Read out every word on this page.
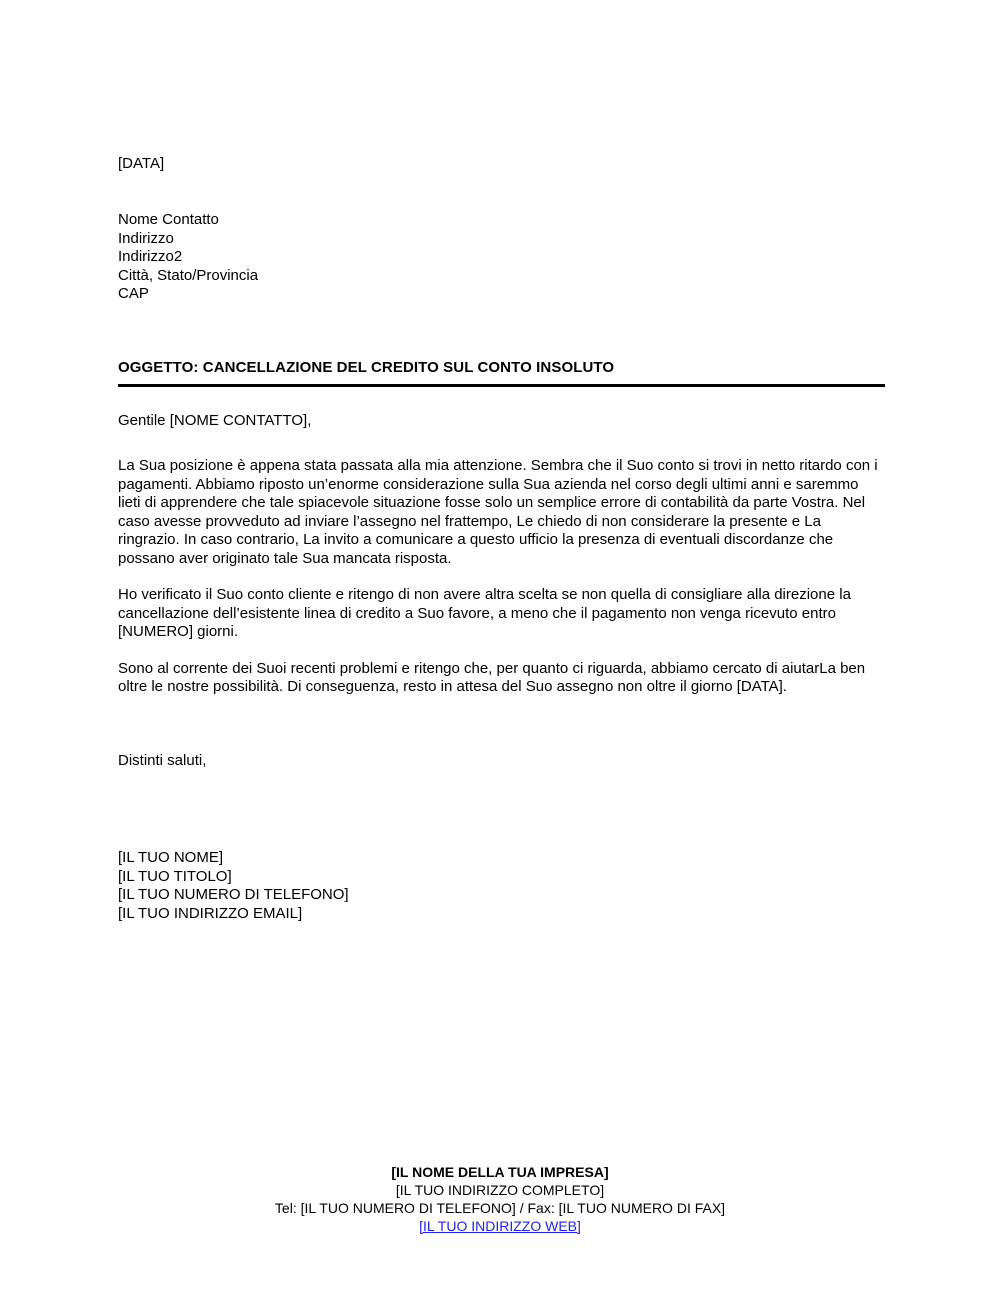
[DATA]
Nome Contatto
Indirizzo
Indirizzo2
Città, Stato/Provincia
CAP
OGGETTO: CANCELLAZIONE DEL CREDITO SUL CONTO INSOLUTO
Gentile [NOME CONTATTO],

La Sua posizione è appena stata passata alla mia attenzione. Sembra che il Suo conto si trovi in netto ritardo con i pagamenti. Abbiamo riposto un’enorme considerazione sulla Sua azienda nel corso degli ultimi anni e saremmo lieti di apprendere che tale spiacevole situazione fosse solo un semplice errore di contabilità da parte Vostra. Nel caso avesse provveduto ad inviare l’assegno nel frattempo, Le chiedo di non considerare la presente e La ringrazio. In caso contrario, La invito a comunicare a questo ufficio la presenza di eventuali discordanze che possano aver originato tale Sua mancata risposta.

Ho verificato il Suo conto cliente e ritengo di non avere altra scelta se non quella di consigliare alla direzione la cancellazione dell’esistente linea di credito a Suo favore, a meno che il pagamento non venga ricevuto entro [NUMERO] giorni.

Sono al corrente dei Suoi recenti problemi e ritengo che, per quanto ci riguarda, abbiamo cercato di aiutarLa ben oltre le nostre possibilità. Di conseguenza, resto in attesa del Suo assegno non oltre il giorno [DATA].

Distinti saluti,
[IL TUO NOME]
[IL TUO TITOLO]
[IL TUO NUMERO DI TELEFONO]
[IL TUO INDIRIZZO EMAIL]
[IL NOME DELLA TUA IMPRESA]
[IL TUO INDIRIZZO COMPLETO]
Tel: [IL TUO NUMERO DI TELEFONO] / Fax: [IL TUO NUMERO DI FAX]
[IL TUO INDIRIZZO WEB]
